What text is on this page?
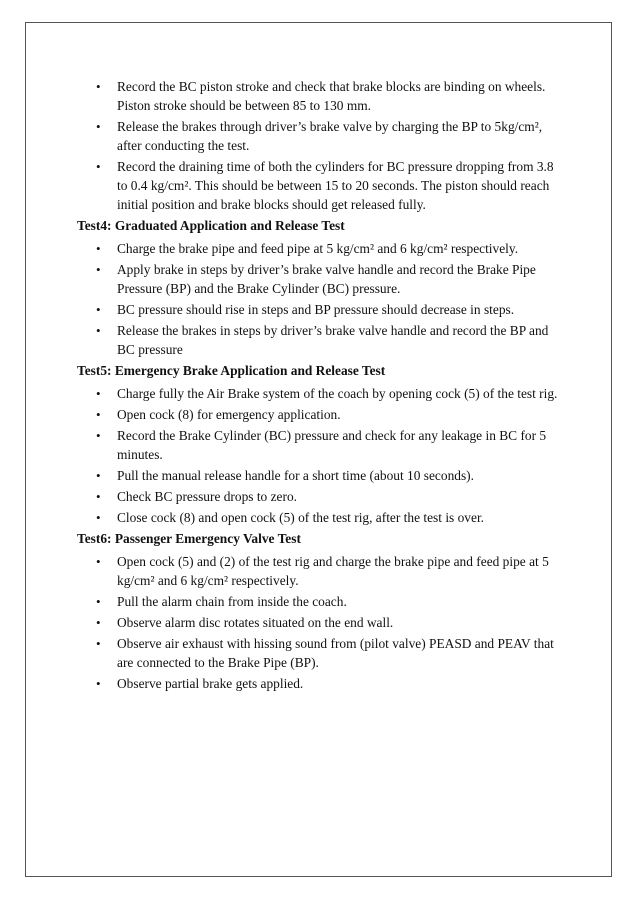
• Record the BC piston stroke and check that brake blocks are binding on wheels. Piston stroke should be between 85 to 130 mm.
• Release the brakes through driver’s brake valve by charging the BP to 5kg/cm², after conducting the test.
• Record the draining time of both the cylinders for BC pressure dropping from 3.8 to 0.4 kg/cm². This should be between 15 to 20 seconds. The piston should reach initial position and brake blocks should get released fully.
Test4: Graduated Application and Release Test
• Charge the brake pipe and feed pipe at 5 kg/cm² and 6 kg/cm² respectively.
• Apply brake in steps by driver’s brake valve handle and record the Brake Pipe Pressure (BP) and the Brake Cylinder (BC) pressure.
• BC pressure should rise in steps and BP pressure should decrease in steps.
• Release the brakes in steps by driver’s brake valve handle and record the BP and BC pressure
Test5: Emergency Brake Application and Release Test
• Charge fully the Air Brake system of the coach by opening cock (5) of the test rig.
• Open cock (8) for emergency application.
• Record the Brake Cylinder (BC) pressure and check for any leakage in BC for 5 minutes.
• Pull the manual release handle for a short time (about 10 seconds).
• Check BC pressure drops to zero.
• Close cock (8) and open cock (5) of the test rig, after the test is over.
Test6: Passenger Emergency Valve Test
• Open cock (5) and (2) of the test rig and charge the brake pipe and feed pipe at 5 kg/cm² and 6 kg/cm² respectively.
• Pull the alarm chain from inside the coach.
• Observe alarm disc rotates situated on the end wall.
• Observe air exhaust with hissing sound from (pilot valve) PEASD and PEAV that are connected to the Brake Pipe (BP).
• Observe partial brake gets applied.
